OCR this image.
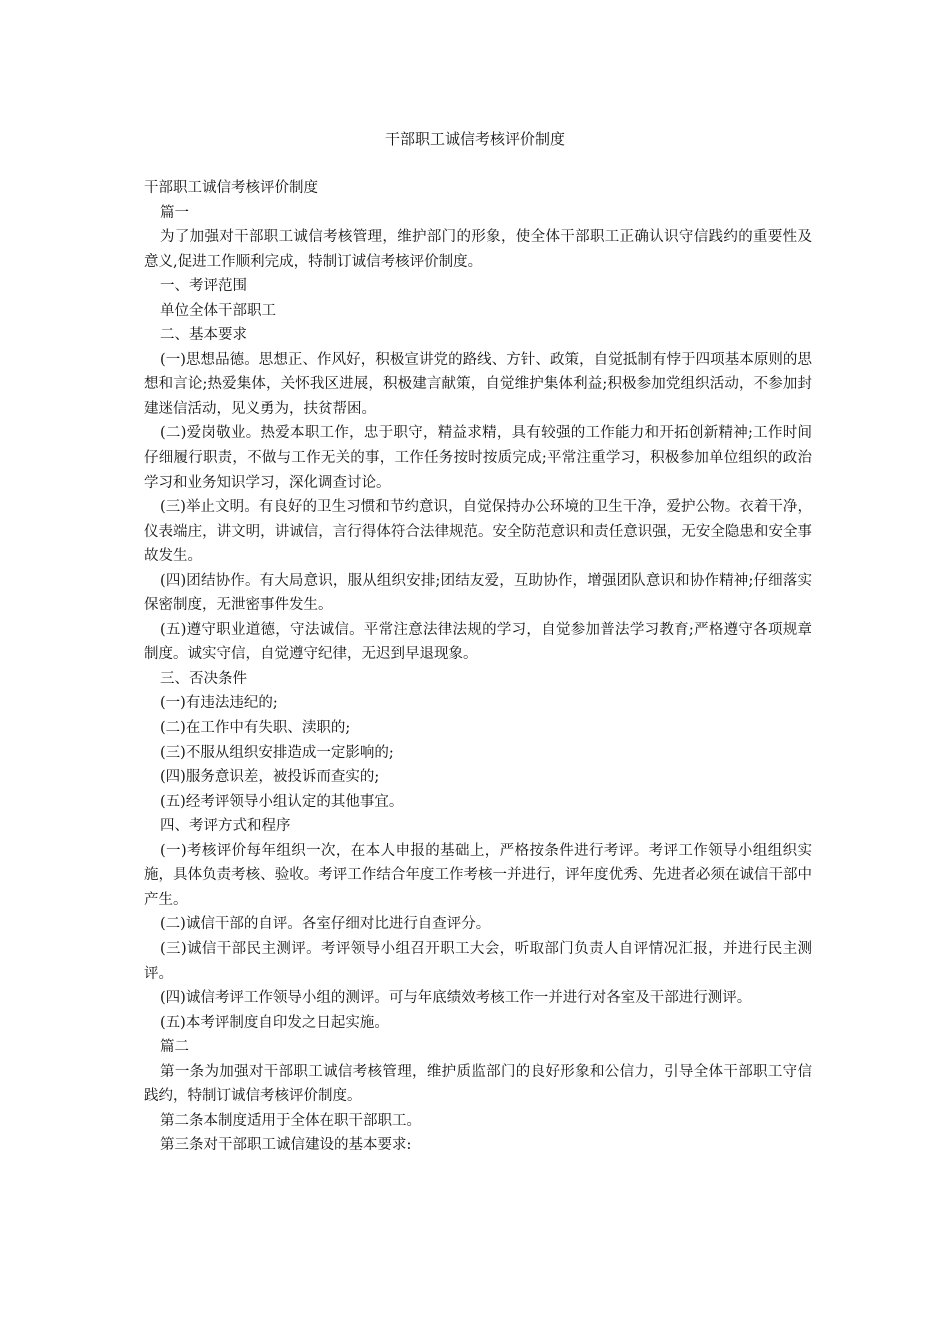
干部职工诚信考核评价制度

干部职工诚信考核评价制度

篇一

为了加强对干部职工诚信考核管理，维护部门的形象，使全体干部职工正确认识守信践约的重要性及意义,促进工作顺利完成，特制订诚信考核评价制度。

一、考评范围

单位全体干部职工

二、基本要求

(一)思想品德。思想正、作风好，积极宣讲党的路线、方针、政策，自觉抵制有悖于四项基本原则的思想和言论;热爱集体，关怀我区进展，积极建言献策，自觉维护集体利益;积极参加党组织活动，不参加封建迷信活动，见义勇为，扶贫帮困。

(二)爱岗敬业。热爱本职工作，忠于职守，精益求精，具有较强的工作能力和开拓创新精神;工作时间仔细履行职责，不做与工作无关的事，工作任务按时按质完成;平常注重学习，积极参加单位组织的政治学习和业务知识学习，深化调查讨论。

(三)举止文明。有良好的卫生习惯和节约意识，自觉保持办公环境的卫生干净，爱护公物。衣着干净，仪表端庄，讲文明，讲诚信，言行得体符合法律规范。安全防范意识和责任意识强，无安全隐患和安全事故发生。

(四)团结协作。有大局意识，服从组织安排;团结友爱，互助协作，增强团队意识和协作精神;仔细落实保密制度，无泄密事件发生。

(五)遵守职业道德，守法诚信。平常注意法律法规的学习，自觉参加普法学习教育;严格遵守各项规章制度。诚实守信，自觉遵守纪律，无迟到早退现象。

三、否决条件

(一)有违法违纪的;

(二)在工作中有失职、渎职的;

(三)不服从组织安排造成一定影响的;

(四)服务意识差，被投诉而查实的;

(五)经考评领导小组认定的其他事宜。

四、考评方式和程序

(一)考核评价每年组织一次，在本人申报的基础上，严格按条件进行考评。考评工作领导小组组织实施，具体负责考核、验收。考评工作结合年度工作考核一并进行，评年度优秀、先进者必须在诚信干部中产生。

(二)诚信干部的自评。各室仔细对比进行自查评分。

(三)诚信干部民主测评。考评领导小组召开职工大会，听取部门负责人自评情况汇报，并进行民主测评。

(四)诚信考评工作领导小组的测评。可与年底绩效考核工作一并进行对各室及干部进行测评。

(五)本考评制度自印发之日起实施。

篇二

第一条为加强对干部职工诚信考核管理，维护质监部门的良好形象和公信力，引导全体干部职工守信践约，特制订诚信考核评价制度。

第二条本制度适用于全体在职干部职工。

第三条对干部职工诚信建设的基本要求:
